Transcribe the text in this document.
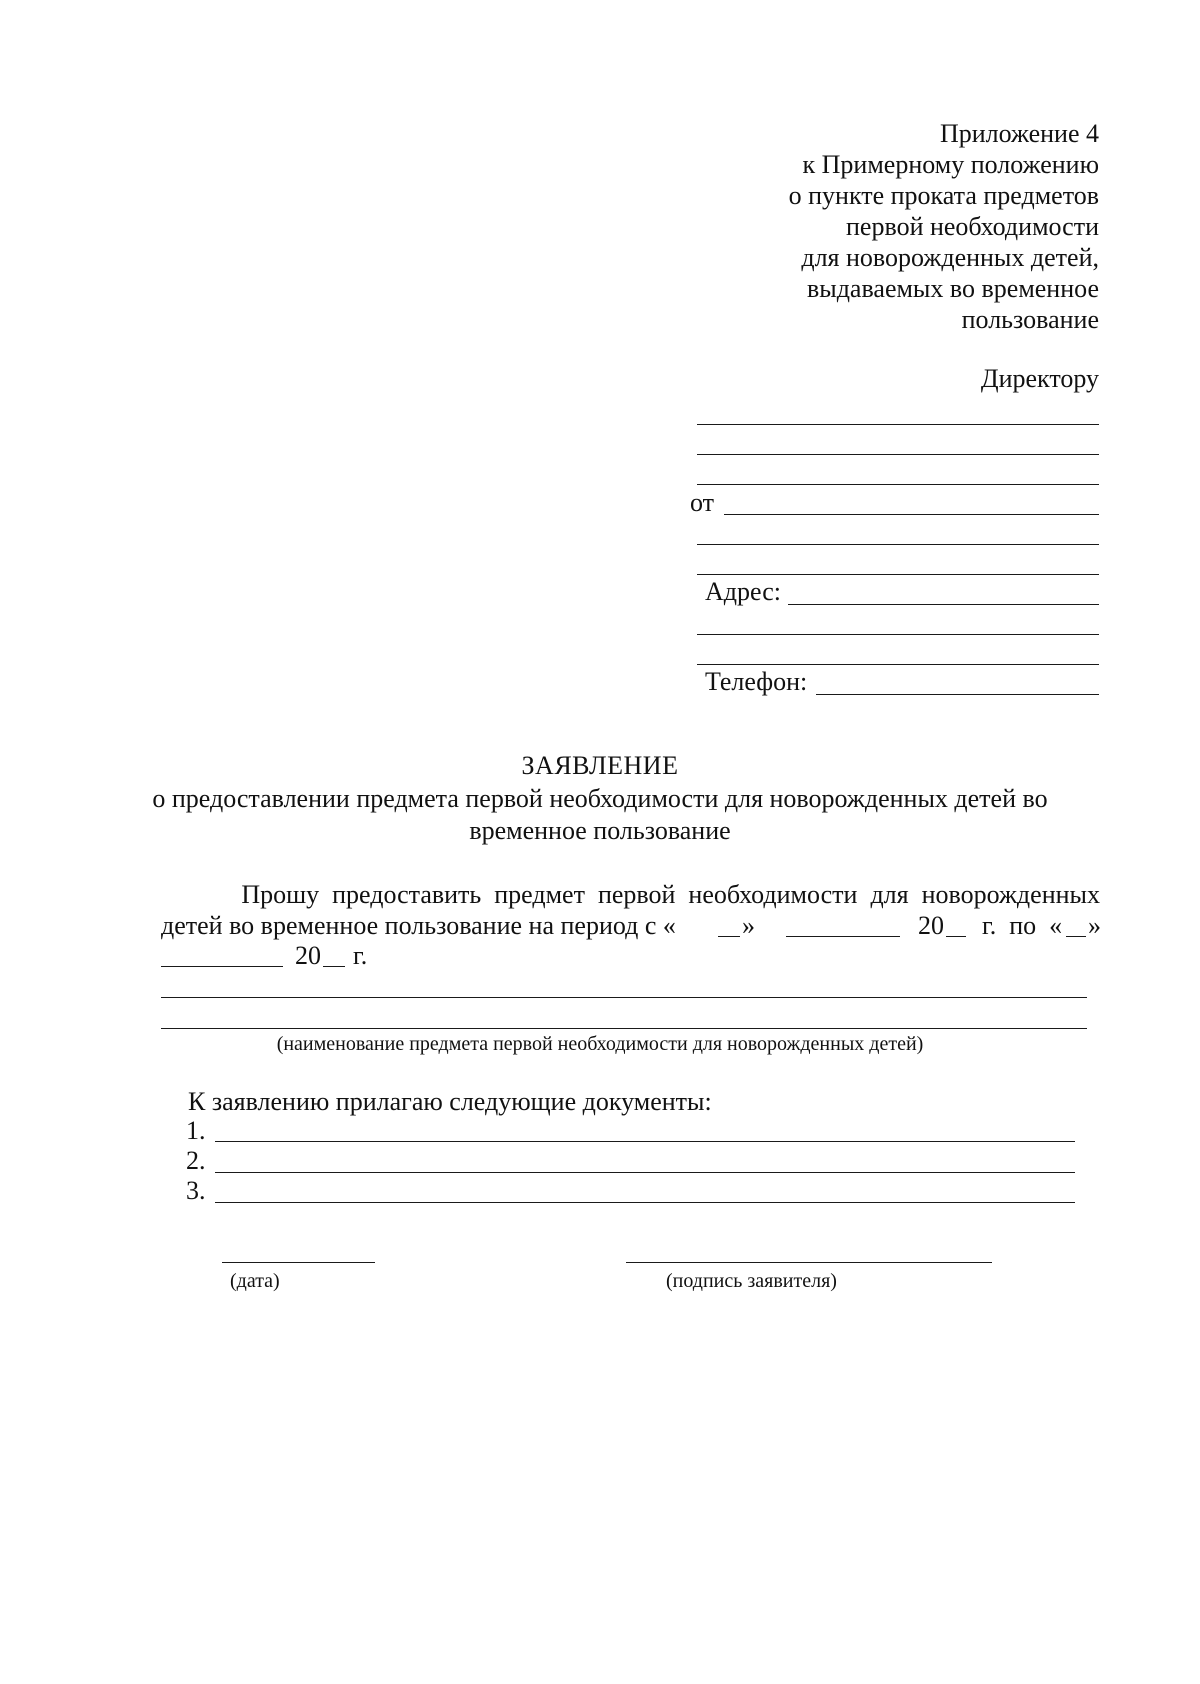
Приложение 4
к Примерному положению
о пункте проката предметов
первой необходимости
для новорожденных детей,
выдаваемых во временное
пользование
Директору
от
Адрес:
Телефон:
ЗАЯВЛЕНИЕ
о предоставлении предмета первой необходимости для новорожденных детей во
временное пользование
Прошу  предоставить  предмет  первой  необходимости  для  новорожденных
детей во временное пользование на период с «	»	20 г.  по  « »
20 г.
(наименование предмета первой необходимости для новорожденных детей)
К заявлению прилагаю следующие документы:
1.
2.
3.
(дата)	(подпись заявителя)
